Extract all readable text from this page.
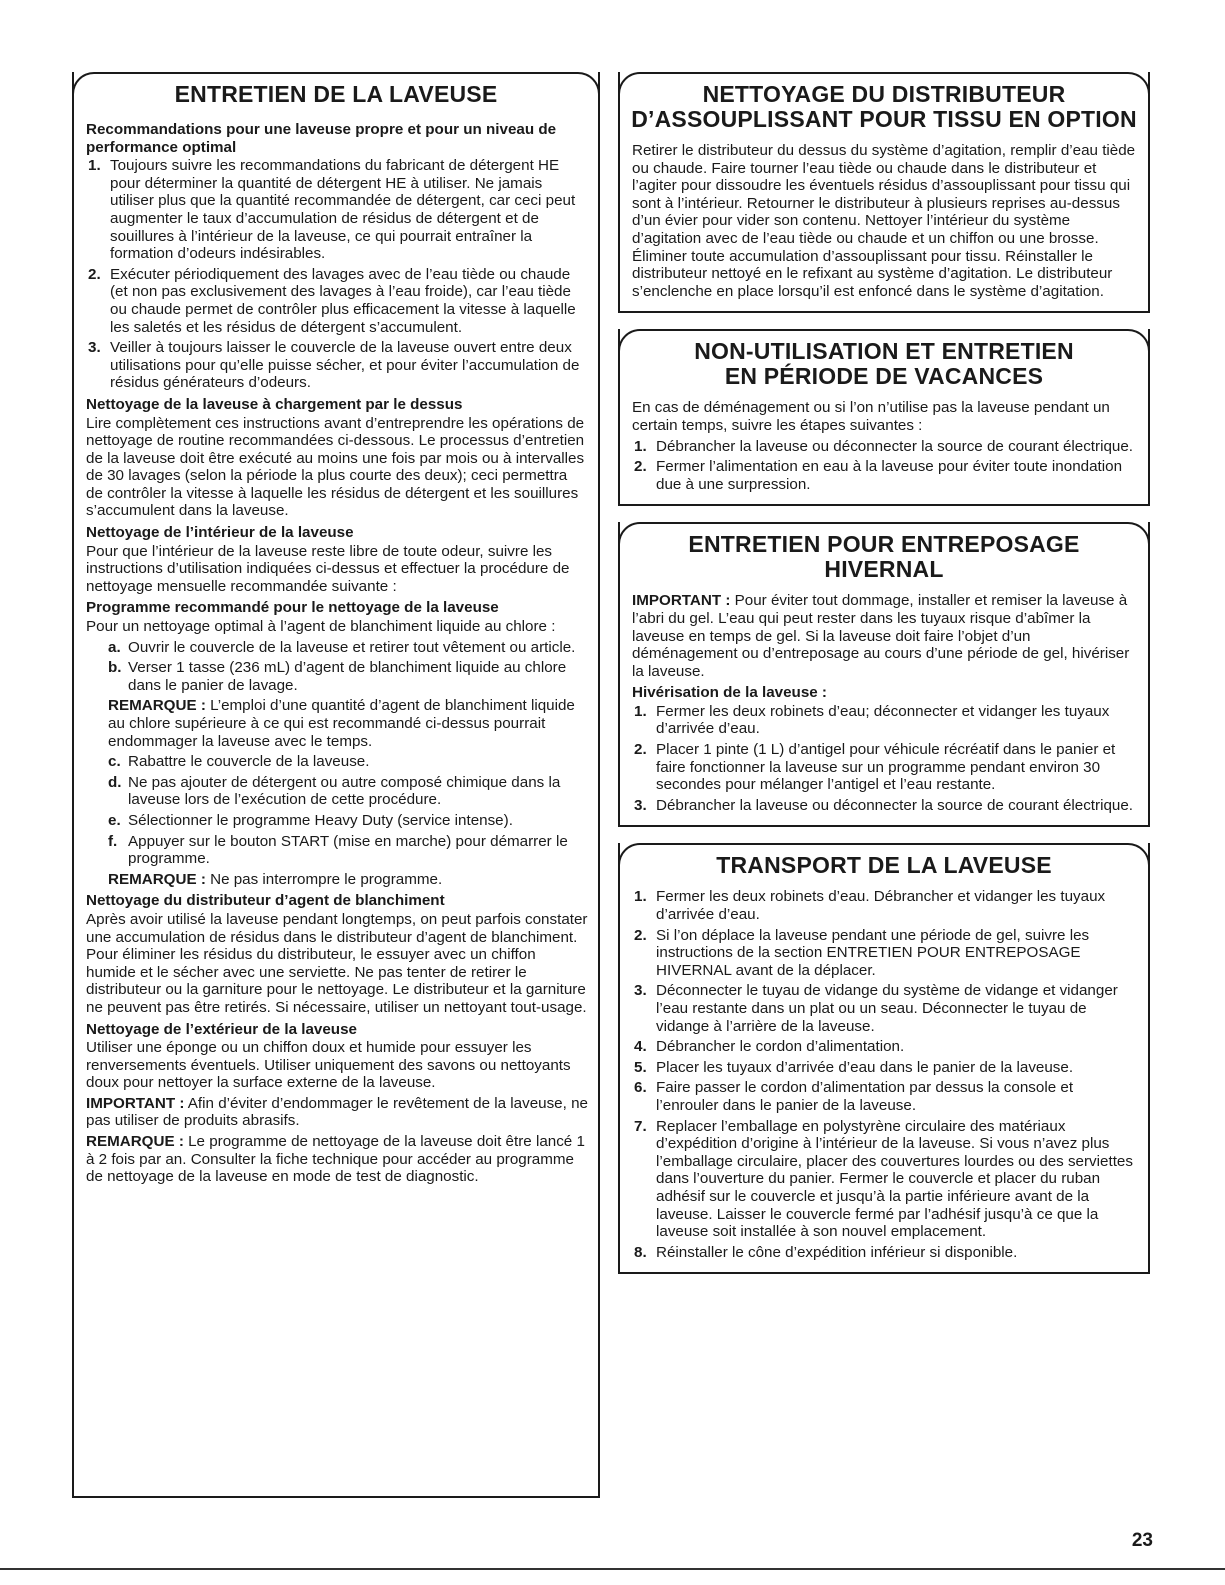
ENTRETIEN DE LA LAVEUSE
Recommandations pour une laveuse propre et pour un niveau de performance optimal
1. Toujours suivre les recommandations du fabricant de détergent HE pour déterminer la quantité de détergent HE à utiliser. Ne jamais utiliser plus que la quantité recommandée de détergent, car ceci peut augmenter le taux d’accumulation de résidus de détergent et de souillures à l’intérieur de la laveuse, ce qui pourrait entraîner la formation d’odeurs indésirables.
2. Exécuter périodiquement des lavages avec de l’eau tiède ou chaude (et non pas exclusivement des lavages à l’eau froide), car l’eau tiède ou chaude permet de contrôler plus efficacement la vitesse à laquelle les saletés et les résidus de détergent s’accumulent.
3. Veiller à toujours laisser le couvercle de la laveuse ouvert entre deux utilisations pour qu’elle puisse sécher, et pour éviter l’accumulation de résidus générateurs d’odeurs.
Nettoyage de la laveuse à chargement par le dessus

Lire complètement ces instructions avant d’entreprendre les opérations de nettoyage de routine recommandées ci-dessous. Le processus d’entretien de la laveuse doit être exécuté au moins une fois par mois ou à intervalles de 30 lavages (selon la période la plus courte des deux); ceci permettra de contrôler la vitesse à laquelle les résidus de détergent et les souillures s’accumulent dans la laveuse.

Nettoyage de l’intérieur de la laveuse

Pour que l’intérieur de la laveuse reste libre de toute odeur, suivre les instructions d’utilisation indiquées ci-dessus et effectuer la procédure de nettoyage mensuelle recommandée suivante :

Programme recommandé pour le nettoyage de la laveuse

Pour un nettoyage optimal à l’agent de blanchiment liquide au chlore :

a. Ouvrir le couvercle de la laveuse et retirer tout vêtement ou article.
b. Verser 1 tasse (236 mL) d’agent de blanchiment liquide au chlore dans le panier de lavage.
REMARQUE : L’emploi d’une quantité d’agent de blanchiment liquide au chlore supérieure à ce qui est recommandé ci-dessus pourrait endommager la laveuse avec le temps.
c. Rabattre le couvercle de la laveuse.
d. Ne pas ajouter de détergent ou autre composé chimique dans la laveuse lors de l’exécution de cette procédure.
e. Sélectionner le programme Heavy Duty (service intense).
f. Appuyer sur le bouton START (mise en marche) pour démarrer le programme.
REMARQUE : Ne pas interrompre le programme.
Nettoyage du distributeur d’agent de blanchiment

Après avoir utilisé la laveuse pendant longtemps, on peut parfois constater une accumulation de résidus dans le distributeur d’agent de blanchiment. Pour éliminer les résidus du distributeur, le essuyer avec un chiffon humide et le sécher avec une serviette. Ne pas tenter de retirer le distributeur ou la garniture pour le nettoyage. Le distributeur et la garniture ne peuvent pas être retirés. Si nécessaire, utiliser un nettoyant tout-usage.

Nettoyage de l’extérieur de la laveuse

Utiliser une éponge ou un chiffon doux et humide pour essuyer les renversements éventuels. Utiliser uniquement des savons ou nettoyants doux pour nettoyer la surface externe de la laveuse.

IMPORTANT : Afin d’éviter d’endommager le revêtement de la laveuse, ne pas utiliser de produits abrasifs.

REMARQUE : Le programme de nettoyage de la laveuse doit être lancé 1 à 2 fois par an. Consulter la fiche technique pour accéder au programme de nettoyage de la laveuse en mode de test de diagnostic.

NETTOYAGE DU DISTRIBUTEUR
D’ASSOUPLISSANT POUR TISSU EN OPTION

Retirer le distributeur du dessus du système d’agitation, remplir d’eau tiède ou chaude. Faire tourner l’eau tiède ou chaude dans le distributeur et l’agiter pour dissoudre les éventuels résidus d’assouplissant pour tissu qui sont à l’intérieur. Retourner le distributeur à plusieurs reprises au-dessus d’un évier pour vider son contenu. Nettoyer l’intérieur du système d’agitation avec de l’eau tiède ou chaude et un chiffon ou une brosse. Éliminer toute accumulation d’assouplissant pour tissu. Réinstaller le distributeur nettoyé en le refixant au système d’agitation. Le distributeur s’enclenche en place lorsqu’il est enfoncé dans le système d’agitation.

NON-UTILISATION ET ENTRETIEN
EN PÉRIODE DE VACANCES

En cas de déménagement ou si l’on n’utilise pas la laveuse pendant un certain temps, suivre les étapes suivantes :

1. Débrancher la laveuse ou déconnecter la source de courant électrique.
2. Fermer l’alimentation en eau à la laveuse pour éviter toute inondation due à une surpression.
ENTRETIEN POUR ENTREPOSAGE HIVERNAL

IMPORTANT : Pour éviter tout dommage, installer et remiser la laveuse à l’abri du gel. L’eau qui peut rester dans les tuyaux risque d’abîmer la laveuse en temps de gel. Si la laveuse doit faire l’objet d’un déménagement ou d’entreposage au cours d’une période de gel, hivériser la laveuse.

Hivérisation de la laveuse :
1. Fermer les deux robinets d’eau; déconnecter et vidanger les tuyaux d’arrivée d’eau.
2. Placer 1 pinte (1 L) d’antigel pour véhicule récréatif dans le panier et faire fonctionner la laveuse sur un programme pendant environ 30 secondes pour mélanger l’antigel et l’eau restante.
3. Débrancher la laveuse ou déconnecter la source de courant électrique.
TRANSPORT DE LA LAVEUSE
1. Fermer les deux robinets d’eau. Débrancher et vidanger les tuyaux d’arrivée d’eau.
2. Si l’on déplace la laveuse pendant une période de gel, suivre les instructions de la section ENTRETIEN POUR ENTREPOSAGE HIVERNAL avant de la déplacer.
3. Déconnecter le tuyau de vidange du système de vidange et vidanger l’eau restante dans un plat ou un seau. Déconnecter le tuyau de vidange à l’arrière de la laveuse.
4. Débrancher le cordon d’alimentation.
5. Placer les tuyaux d’arrivée d’eau dans le panier de la laveuse.
6. Faire passer le cordon d’alimentation par dessus la console et l’enrouler dans le panier de la laveuse.
7. Replacer l’emballage en polystyrène circulaire des matériaux d’expédition d’origine à l’intérieur de la laveuse. Si vous n’avez plus l’emballage circulaire, placer des couvertures lourdes ou des serviettes dans l’ouverture du panier. Fermer le couvercle et placer du ruban adhésif sur le couvercle et jusqu’à la partie inférieure avant de la laveuse. Laisser le couvercle fermé par l’adhésif jusqu’à ce que la laveuse soit installée à son nouvel emplacement.
8. Réinstaller le cône d’expédition inférieur si disponible.
23
